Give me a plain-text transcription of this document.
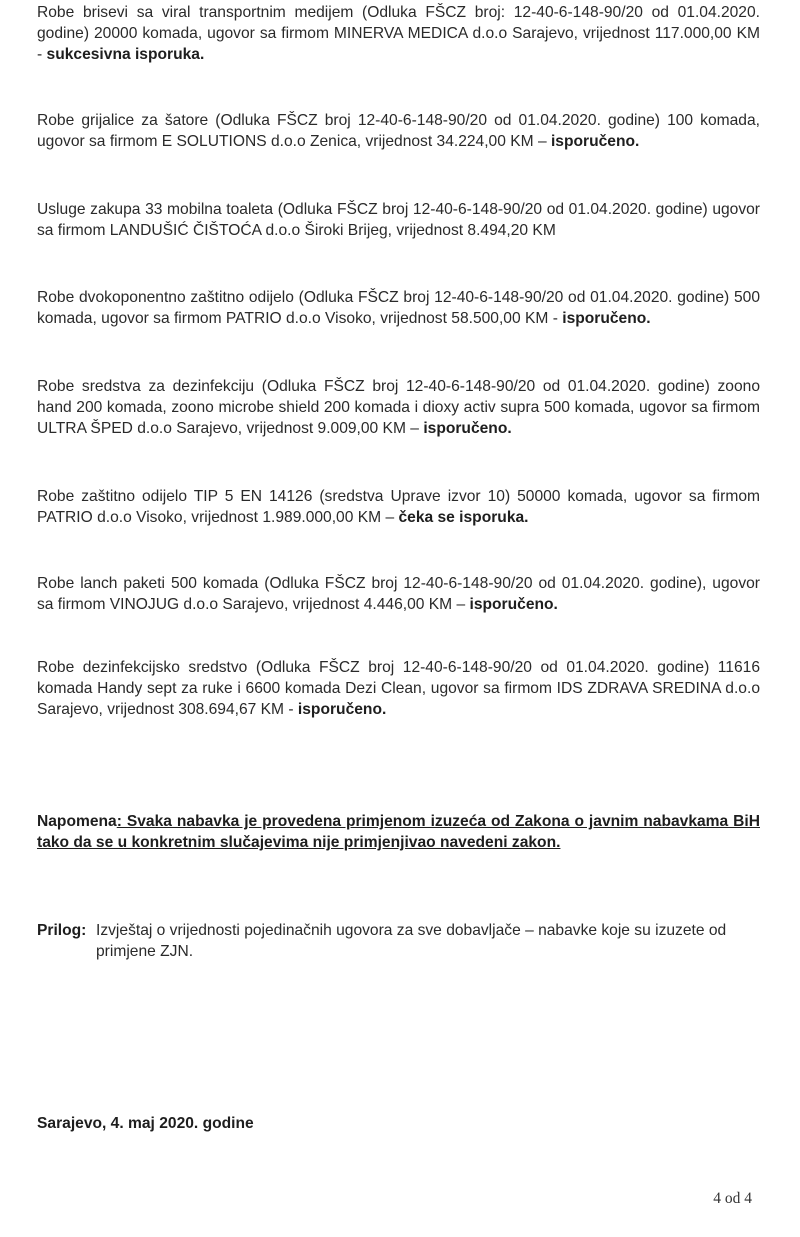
Robe brisevi sa viral transportnim medijem (Odluka FŠCZ broj: 12-40-6-148-90/20 od 01.04.2020. godine) 20000 komada, ugovor sa firmom MINERVA MEDICA d.o.o Sarajevo, vrijednost 117.000,00 KM - sukcesivna isporuka.
Robe grijalice za šatore (Odluka FŠCZ broj 12-40-6-148-90/20 od 01.04.2020. godine) 100 komada, ugovor sa firmom E SOLUTIONS d.o.o Zenica, vrijednost 34.224,00 KM – isporučeno.
Usluge zakupa 33 mobilna toaleta (Odluka FŠCZ broj 12-40-6-148-90/20 od 01.04.2020. godine) ugovor sa firmom LANDUŠIĆ ČIŠTOĆA d.o.o Široki Brijeg, vrijednost 8.494,20 KM
Robe dvokoponentno zaštitno odijelo (Odluka FŠCZ broj 12-40-6-148-90/20 od 01.04.2020. godine) 500 komada, ugovor sa firmom PATRIO d.o.o Visoko, vrijednost 58.500,00 KM - isporučeno.
Robe sredstva za dezinfekciju (Odluka FŠCZ broj 12-40-6-148-90/20 od 01.04.2020. godine) zoono hand 200 komada, zoono microbe shield 200 komada i dioxy activ supra 500 komada, ugovor sa firmom ULTRA ŠPED d.o.o Sarajevo, vrijednost 9.009,00 KM – isporučeno.
Robe zaštitno odijelo TIP 5 EN 14126 (sredstva Uprave izvor 10) 50000 komada, ugovor sa firmom PATRIO d.o.o Visoko, vrijednost 1.989.000,00 KM – čeka se isporuka.
Robe lanch paketi 500 komada (Odluka FŠCZ broj 12-40-6-148-90/20 od 01.04.2020. godine), ugovor sa firmom VINOJUG d.o.o Sarajevo, vrijednost 4.446,00 KM – isporučeno.
Robe dezinfekcijsko sredstvo (Odluka FŠCZ broj 12-40-6-148-90/20 od 01.04.2020. godine) 11616 komada Handy sept za ruke i 6600 komada Dezi Clean, ugovor sa firmom IDS ZDRAVA SREDINA d.o.o Sarajevo, vrijednost 308.694,67 KM - isporučeno.
Napomena: Svaka nabavka je provedena primjenom izuzeća od Zakona o javnim nabavkama BiH tako da se u konkretnim slučajevima nije primjenjivao navedeni zakon.
Prilog: Izvještaj o vrijednosti pojedinačnih ugovora za sve dobavljače – nabavke koje su izuzete od primjene ZJN.
Sarajevo, 4. maj 2020. godine
4 od 4
